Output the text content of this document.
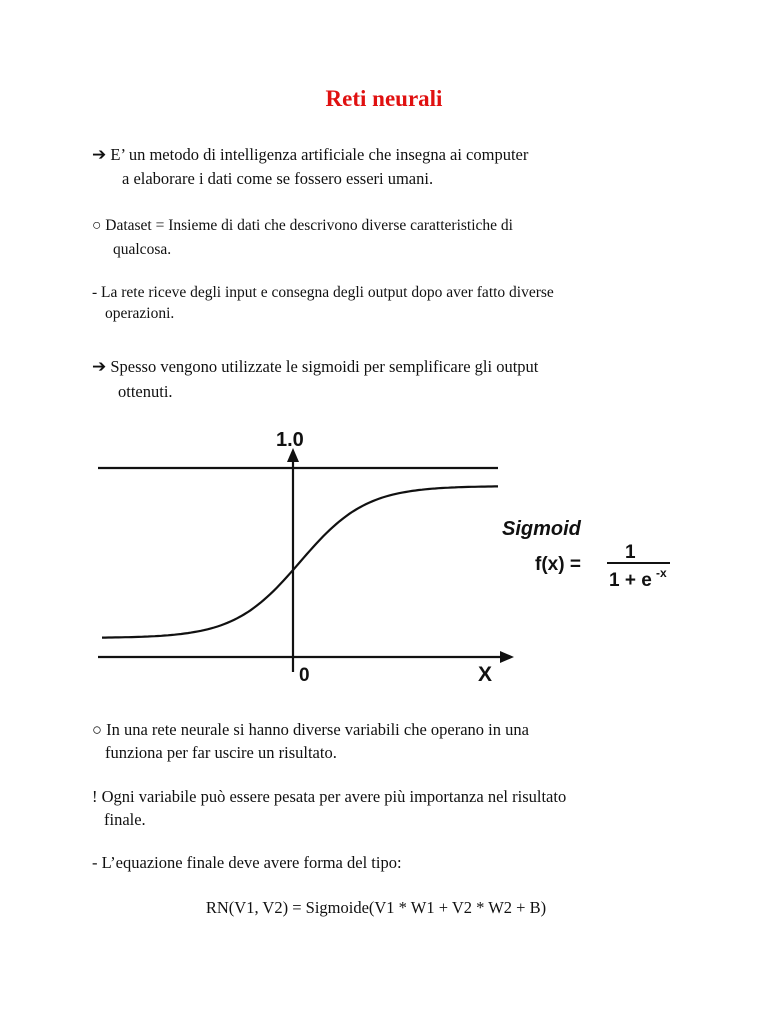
Reti neurali
➔ E’ un metodo di intelligenza artificiale che insegna ai computer
a elaborare i dati come se fossero esseri umani.
○ Dataset = Insieme di dati che descrivono diverse caratteristiche di
qualcosa.
- La rete riceve degli input e consegna degli output dopo aver fatto diverse
operazioni.
➔ Spesso vengono utilizzate le sigmoidi per semplificare gli output
ottenuti.
1.0
0	X
Sigmoid
f(x) =
1
1 + e -x
○ In una rete neurale si hanno diverse variabili che operano in una
funziona per far uscire un risultato.
! Ogni variabile può essere pesata per avere più importanza nel risultato
finale.
- L’equazione finale deve avere forma del tipo:
RN(V1, V2) = Sigmoide(V1 * W1 + V2 * W2 + B)
